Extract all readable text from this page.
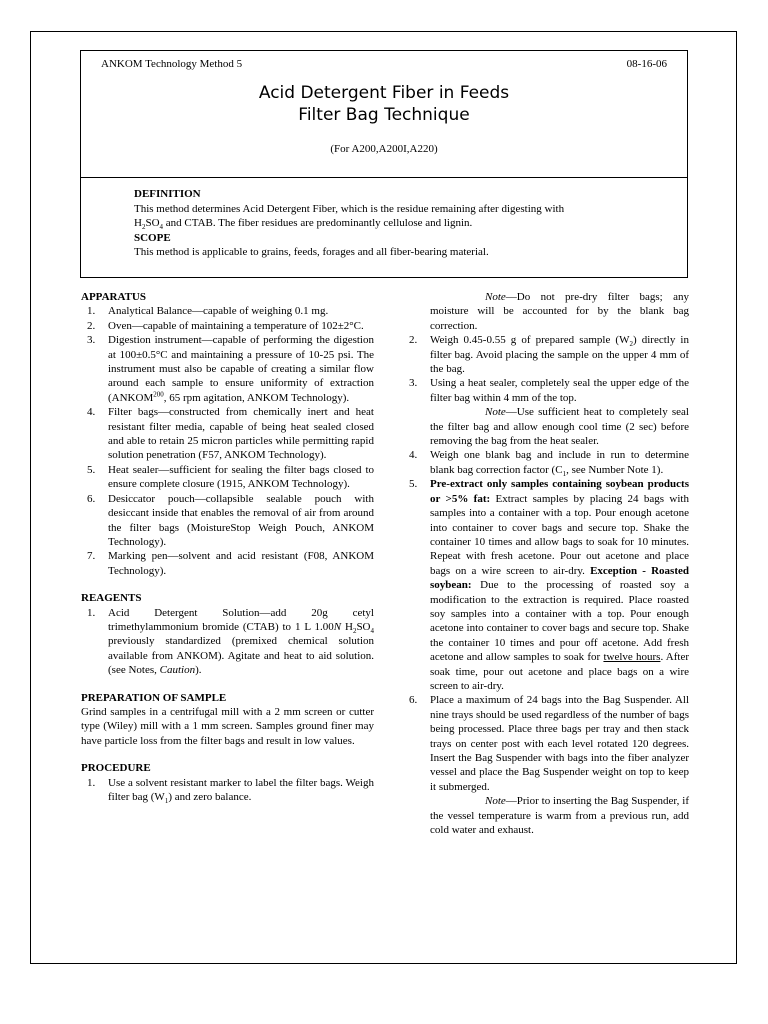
ANKOM Technology Method 5	08-16-06
Acid Detergent Fiber in Feeds
Filter Bag Technique
(For A200,A200I,A220)
DEFINITION
This method determines Acid Detergent Fiber, which is the residue remaining after digesting with
$H_2SO_4$ and CTAB. The fiber residues are predominantly cellulose and lignin.
SCOPE
This method is applicable to grains, feeds, forages and all fiber-bearing material.
APPARATUS
1. Analytical Balance—capable of weighing 0.1 mg.
2. Oven—capable of maintaining a temperature of 102±2°C.
3. Digestion instrument—capable of performing the digestion at 100±0.5°C and maintaining a pressure of 10-25 psi. The instrument must also be capable of creating a similar flow around each sample to ensure uniformity of extraction (ANKOM$^{200}$, 65 rpm agitation, ANKOM Technology).
4. Filter bags—constructed from chemically inert and heat resistant filter media, capable of being heat sealed closed and able to retain 25 micron particles while permitting rapid solution penetration (F57, ANKOM Technology).
5. Heat sealer—sufficient for sealing the filter bags closed to ensure complete closure (1915, ANKOM Technology).
6. Desiccator pouch—collapsible sealable pouch with desiccant inside that enables the removal of air from around the filter bags (MoistureStop Weigh Pouch, ANKOM Technology).
7. Marking pen—solvent and acid resistant (F08, ANKOM Technology).
REAGENTS
1. Acid Detergent Solution—add 20g cetyl trimethylammonium bromide (CTAB) to 1 L 1.00N $H_2SO_4$ previously standardized (premixed chemical solution available from ANKOM). Agitate and heat to aid solution. (see Notes, Caution).
PREPARATION OF SAMPLE
Grind samples in a centrifugal mill with a 2 mm screen or cutter type (Wiley) mill with a 1 mm screen. Samples ground finer may have particle loss from the filter bags and result in low values.
PROCEDURE
1. Use a solvent resistant marker to label the filter bags. Weigh filter bag $(W_1)$ and zero balance.
Note—Do not pre-dry filter bags; any moisture will be accounted for by the blank bag correction.
2. Weigh 0.45-0.55 g of prepared sample $(W_2)$ directly in filter bag. Avoid placing the sample on the upper 4 mm of the bag.
3. Using a heat sealer, completely seal the upper edge of the filter bag within 4 mm of the top.
Note—Use sufficient heat to completely seal the filter bag and allow enough cool time (2 sec) before removing the bag from the heat sealer.
4. Weigh one blank bag and include in run to determine blank bag correction factor ($C_1$, see Number Note 1).
5. Pre-extract only samples containing soybean products or >5% fat: Extract samples by placing 24 bags with samples into a container with a top. Pour enough acetone into container to cover bags and secure top. Shake the container 10 times and allow bags to soak for 10 minutes. Repeat with fresh acetone. Pour out acetone and place bags on a wire screen to air-dry. Exception - Roasted soybean: Due to the processing of roasted soy a modification to the extraction is required. Place roasted soy samples into a container with a top. Pour enough acetone into container to cover bags and secure top. Shake the container 10 times and pour off acetone. Add fresh acetone and allow samples to soak for twelve hours. After soak time, pour out acetone and place bags on a wire screen to air-dry.
6. Place a maximum of 24 bags into the Bag Suspender. All nine trays should be used regardless of the number of bags being processed. Place three bags per tray and then stack trays on center post with each level rotated 120 degrees. Insert the Bag Suspender with bags into the fiber analyzer vessel and place the Bag Suspender weight on top to keep it submerged.
Note—Prior to inserting the Bag Suspender, if the vessel temperature is warm from a previous run, add cold water and exhaust.
